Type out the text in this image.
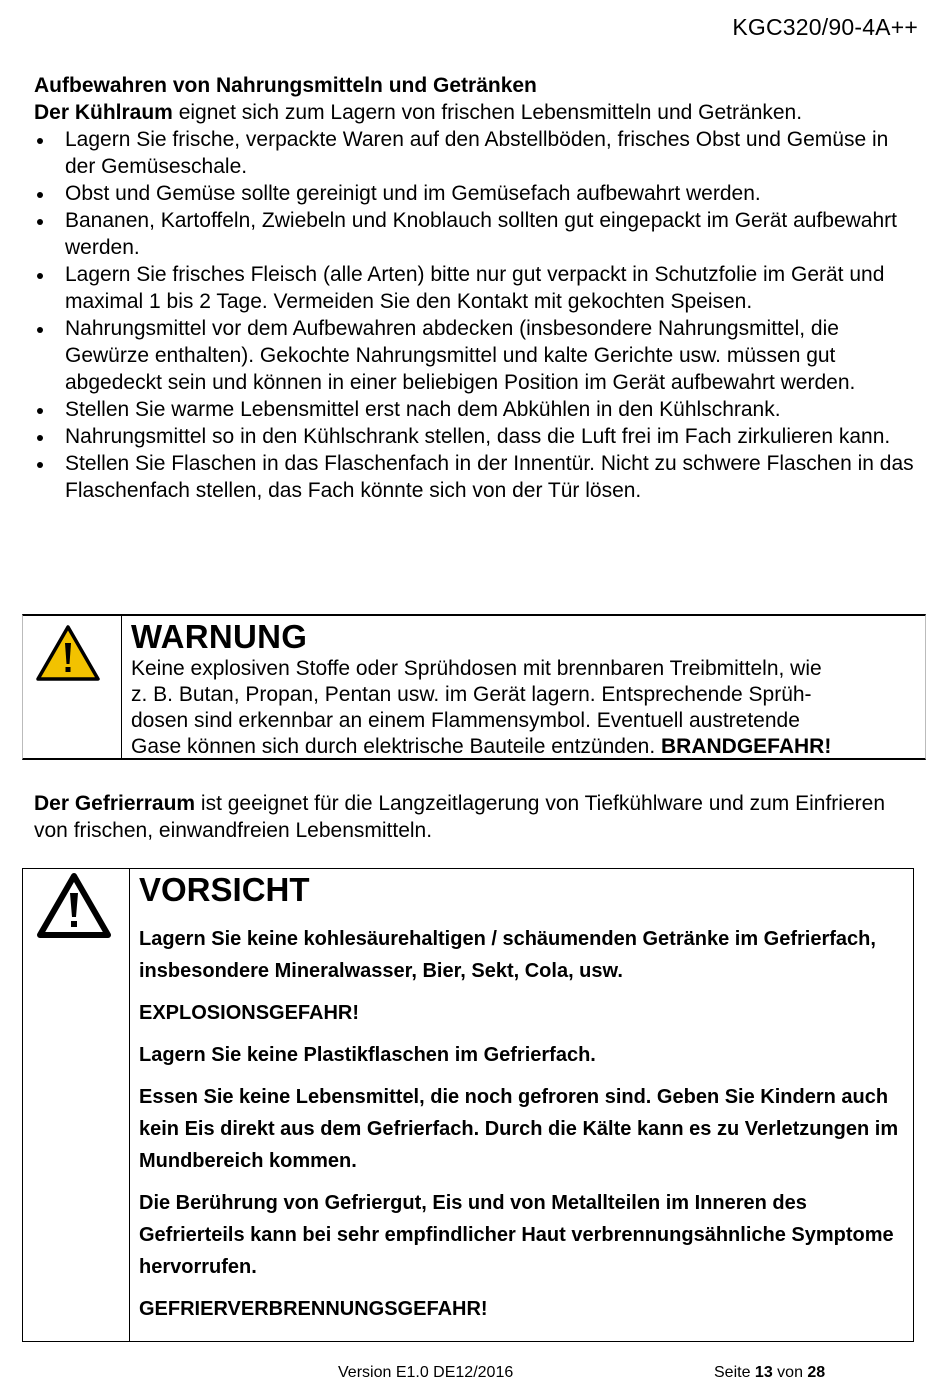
KGC320/90-4A++

Aufbewahren von Nahrungsmitteln und Getränken

Der Kühlraum eignet sich zum Lagern von frischen Lebensmitteln und Getränken.

Lagern Sie frische, verpackte Waren auf den Abstellböden, frisches Obst und Gemüse in der Gemüseschale.
Obst und Gemüse sollte gereinigt und im Gemüsefach aufbewahrt werden.
Bananen, Kartoffeln, Zwiebeln und Knoblauch sollten gut eingepackt im Gerät aufbewahrt werden.
Lagern Sie frisches Fleisch (alle Arten) bitte nur gut verpackt in Schutzfolie im Gerät und maximal 1 bis 2 Tage. Vermeiden Sie den Kontakt mit gekochten Speisen.
Nahrungsmittel vor dem Aufbewahren abdecken (insbesondere Nahrungsmittel, die Gewürze enthalten). Gekochte Nahrungsmittel und kalte Gerichte usw. müssen gut abgedeckt sein und können in einer beliebigen Position im Gerät aufbewahrt werden.
Stellen Sie warme Lebensmittel erst nach dem Abkühlen in den Kühlschrank.
Nahrungsmittel so in den Kühlschrank stellen, dass die Luft frei im Fach zirkulieren kann.
Stellen Sie Flaschen in das Flaschenfach in der Innentür. Nicht zu schwere Flaschen in das Flaschenfach stellen, das Fach könnte sich von der Tür lösen.
WARNUNG
Keine explosiven Stoffe oder Sprühdosen mit brennbaren Treibmitteln, wie
z. B. Butan, Propan, Pentan usw. im Gerät lagern. Entsprechende Sprüh-
dosen sind erkennbar an einem Flammensymbol. Eventuell austretende
Gase können sich durch elektrische Bauteile entzünden. BRANDGEFAHR!

Der Gefrierraum ist geeignet für die Langzeitlagerung von Tiefkühlware und zum Einfrieren von frischen, einwandfreien Lebensmitteln.

VORSICHT

Lagern Sie keine kohlesäurehaltigen / schäumenden Getränke im Gefrierfach, insbesondere Mineralwasser, Bier, Sekt, Cola, usw.

EXPLOSIONSGEFAHR!

Lagern Sie keine Plastikflaschen im Gefrierfach.

Essen Sie keine Lebensmittel, die noch gefroren sind. Geben Sie Kindern auch kein Eis direkt aus dem Gefrierfach. Durch die Kälte kann es zu Verletzungen im Mundbereich kommen.

Die Berührung von Gefriergut, Eis und von Metallteilen im Inneren des Gefrierteils kann bei sehr empfindlicher Haut verbrennungsähnliche Symptome hervorrufen.

GEFRIERVERBRENNUNGSGEFAHR!

Version E1.0 DE12/2016	Seite 13 von 28
